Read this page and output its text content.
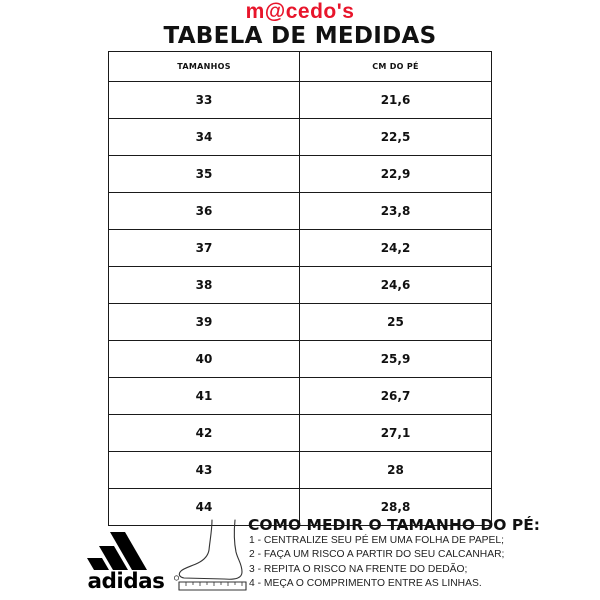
m@cedo's
TABELA DE MEDIDAS
TAMANHOS	CM DO PÉ
33	21,6
34	22,5
35	22,9
36	23,8
37	24,2
38	24,6
39	25
40	25,9
41	26,7
42	27,1
43	28
44	28,8
adidas
COMO MEDIR O TAMANHO DO PÉ:
1 - CENTRALIZE SEU PÉ EM UMA FOLHA DE PAPEL;
2 - FAÇA UM RISCO A PARTIR DO SEU CALCANHAR;
3 - REPITA O RISCO NA FRENTE DO DEDÃO;
4 - MEÇA O COMPRIMENTO ENTRE AS LINHAS.
